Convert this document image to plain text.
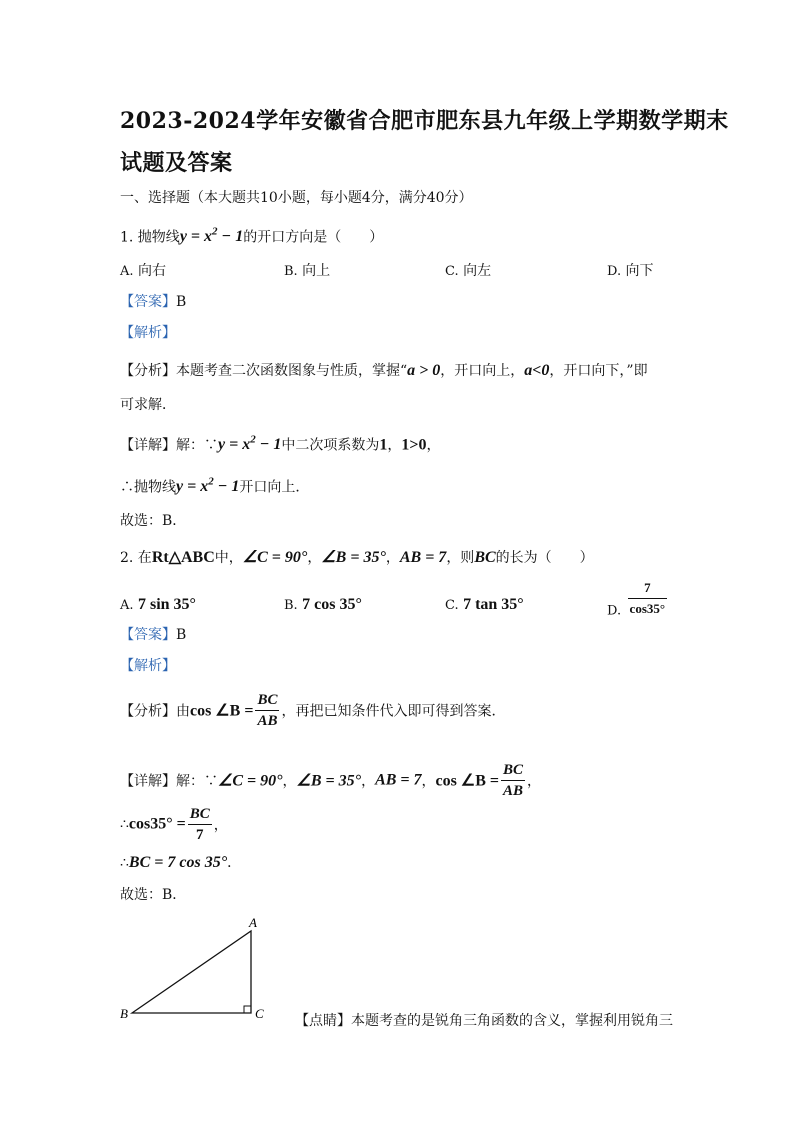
2023-2024学年安徽省合肥市肥东县九年级上学期数学期末
试题及答案
一、选择题（本大题共10小题，每小题4分，满分40分）
1. 抛物线$y = x^2 - 1$的开口方向是（　　）
A. 向右	B. 向上	C. 向左	D. 向下
【答案】B
【解析】
【分析】本题考查二次函数图象与性质，掌握“a > 0，开口向上，a<0，开口向下，”即
可求解．
【详解】解：∵y = $x^2 - 1$中二次项系数为1，1>0，
∴抛物线$y = x^2 - 1$开口向上．
故选：B．
2. 在Rt△ABC中，∠C = 90°，∠B = 35°，AB = 7，则BC的长为（　　）
A. 7 sin 35°	B. 7 cos 35°	C. 7 tan 35°	D. $\frac{7}{\cos 35^\circ}$
【答案】B
【解析】
【分析】由cos ∠B = $\frac{BC}{AB}$ ，再把已知条件代入即可得到答案．
【详解】解：∵∠C = 90°，∠B = 35°，AB = 7，cos ∠B = $\frac{BC}{AB}$ ，
∴cos35° = $\frac{BC}{7}$ ，
∴BC = 7 cos 35°．
故选：B．
A
B	C 【点睛】本题考查的是锐角三角函数的含义，掌握利用锐角三
